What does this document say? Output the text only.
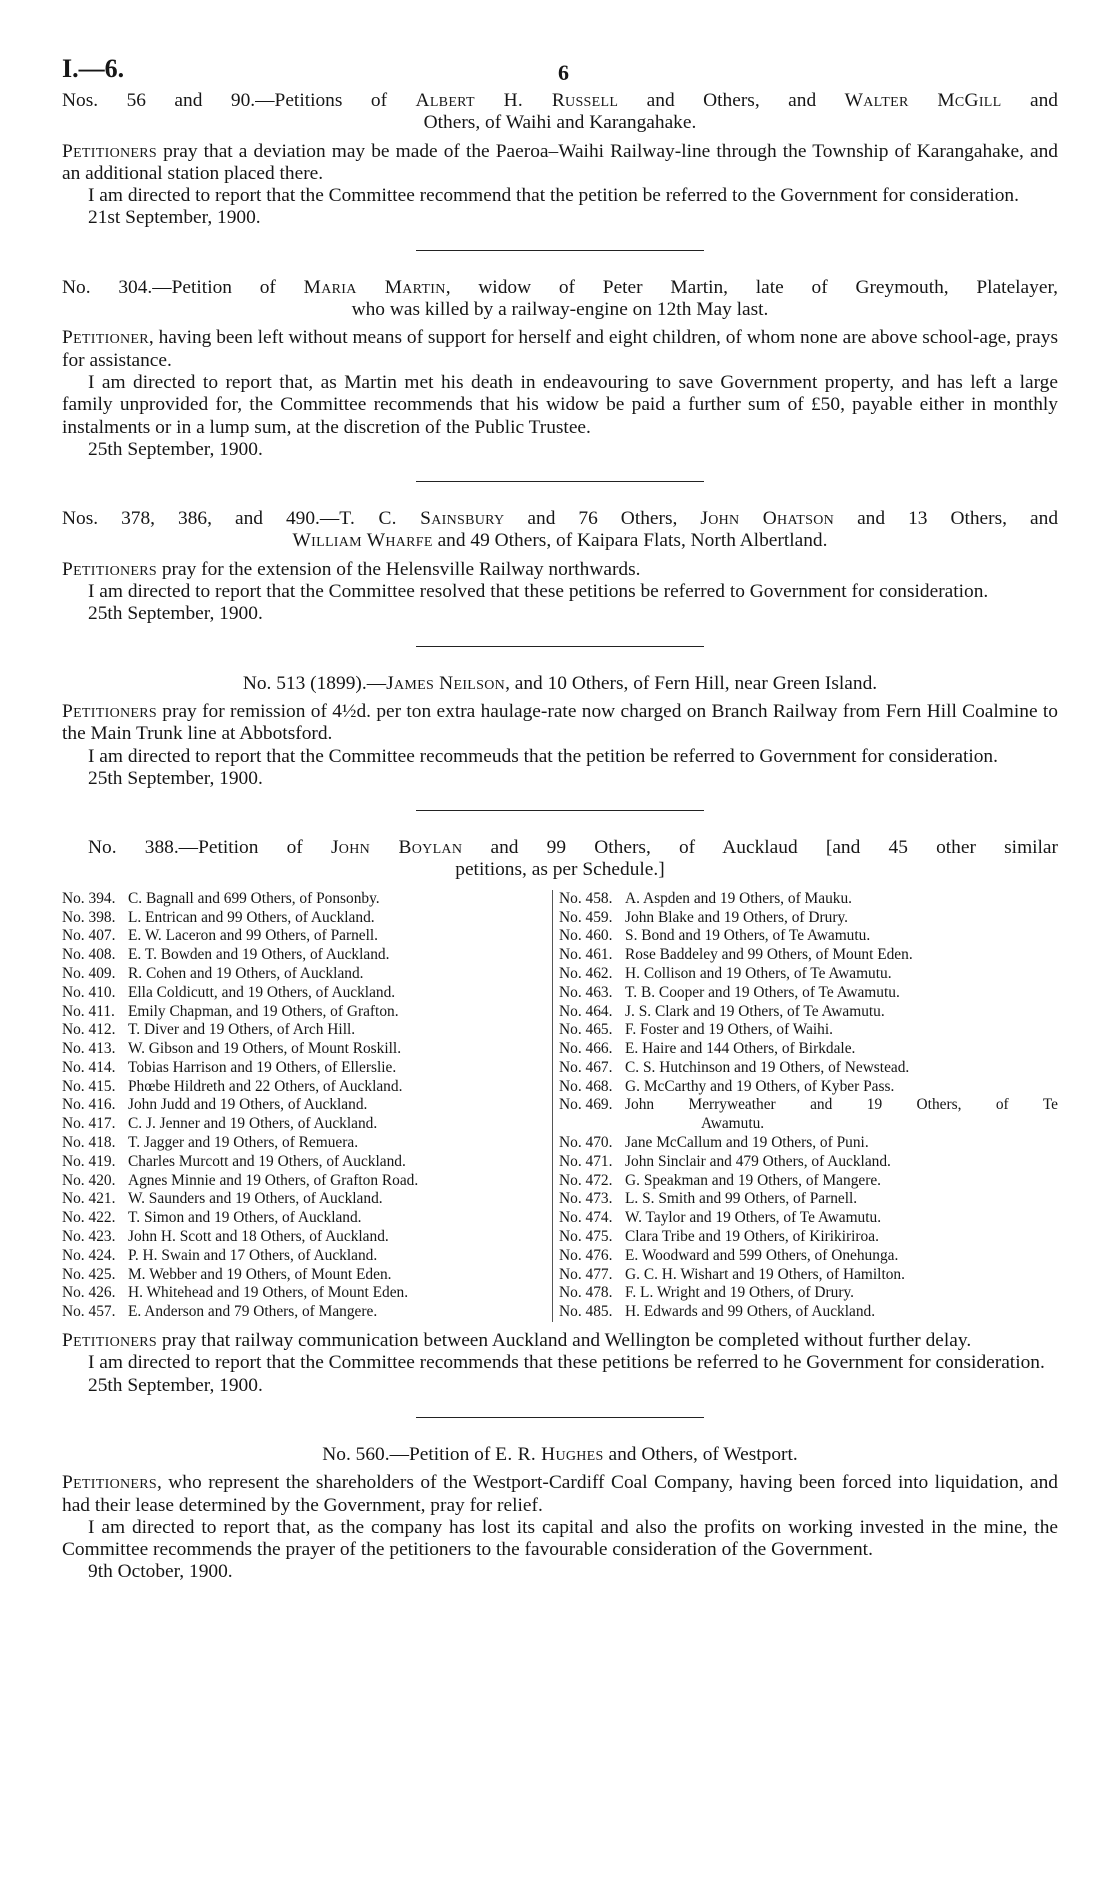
I.—6.	6

Nos. 56 and 90.—Petitions of Albert H. Russell and Others, and Walter McGill and
Others, of Waihi and Karangahake.

Petitioners pray that a deviation may be made of the Paeroa–Waihi Railway-line through the Township of Karangahake, and an additional station placed there.

I am directed to report that the Committee recommend that the petition be referred to the Government for consideration.

21st September, 1900.

No. 304.—Petition of Maria Martin, widow of Peter Martin, late of Greymouth, Platelayer,
who was killed by a railway-engine on 12th May last.

Petitioner, having been left without means of support for herself and eight children, of whom none are above school-age, prays for assistance.

I am directed to report that, as Martin met his death in endeavouring to save Government property, and has left a large family unprovided for, the Committee recommends that his widow be paid a further sum of £50, payable either in monthly instalments or in a lump sum, at the discretion of the Public Trustee.

25th September, 1900.

Nos. 378, 386, and 490.—T. C. Sainsbury and 76 Others, John Ohatson and 13 Others, and
William Wharfe and 49 Others, of Kaipara Flats, North Albertland.

Petitioners pray for the extension of the Helensville Railway northwards.

I am directed to report that the Committee resolved that these petitions be referred to Government for consideration.

25th September, 1900.

No. 513 (1899).—James Neilson, and 10 Others, of Fern Hill, near Green Island.

Petitioners pray for remission of 4½d. per ton extra haulage-rate now charged on Branch Railway from Fern Hill Coalmine to the Main Trunk line at Abbotsford.

I am directed to report that the Committee recommeuds that the petition be referred to Government for consideration.

25th September, 1900.

No. 388.—Petition of John Boylan and 99 Others, of Aucklaud [and 45 other similar
petitions, as per Schedule.]

No. 394. C. Bagnall and 699 Others, of Ponsonby.
No. 398. L. Entrican and 99 Others, of Auckland.
No. 407. E. W. Laceron and 99 Others, of Parnell.
No. 408. E. T. Bowden and 19 Others, of Auckland.
No. 409. R. Cohen and 19 Others, of Auckland.
No. 410. Ella Coldicutt, and 19 Others, of Auckland.
No. 411. Emily Chapman, and 19 Others, of Grafton.
No. 412. T. Diver and 19 Others, of Arch Hill.
No. 413. W. Gibson and 19 Others, of Mount Roskill.
No. 414. Tobias Harrison and 19 Others, of Ellerslie.
No. 415. Phœbe Hildreth and 22 Others, of Auckland.
No. 416. John Judd and 19 Others, of Auckland.
No. 417. C. J. Jenner and 19 Others, of Auckland.
No. 418. T. Jagger and 19 Others, of Remuera.
No. 419. Charles Murcott and 19 Others, of Auckland.
No. 420. Agnes Minnie and 19 Others, of Grafton Road.
No. 421. W. Saunders and 19 Others, of Auckland.
No. 422. T. Simon and 19 Others, of Auckland.
No. 423. John H. Scott and 18 Others, of Auckland.
No. 424. P. H. Swain and 17 Others, of Auckland.
No. 425. M. Webber and 19 Others, of Mount Eden.
No. 426. H. Whitehead and 19 Others, of Mount Eden.
No. 457. E. Anderson and 79 Others, of Mangere.
No. 458. A. Aspden and 19 Others, of Mauku.
No. 459. John Blake and 19 Others, of Drury.
No. 460. S. Bond and 19 Others, of Te Awamutu.
No. 461. Rose Baddeley and 99 Others, of Mount Eden.
No. 462. H. Collison and 19 Others, of Te Awamutu.
No. 463. T. B. Cooper and 19 Others, of Te Awamutu.
No. 464. J. S. Clark and 19 Others, of Te Awamutu.
No. 465. F. Foster and 19 Others, of Waihi.
No. 466. E. Haire and 144 Others, of Birkdale.
No. 467. C. S. Hutchinson and 19 Others, of Newstead.
No. 468. G. McCarthy and 19 Others, of Kyber Pass.
No. 469. John Merryweather and 19 Others, of Te
Awamutu.
No. 470. Jane McCallum and 19 Others, of Puni.
No. 471. John Sinclair and 479 Others, of Auckland.
No. 472. G. Speakman and 19 Others, of Mangere.
No. 473. L. S. Smith and 99 Others, of Parnell.
No. 474. W. Taylor and 19 Others, of Te Awamutu.
No. 475. Clara Tribe and 19 Others, of Kirikiriroa.
No. 476. E. Woodward and 599 Others, of Onehunga.
No. 477. G. C. H. Wishart and 19 Others, of Hamilton.
No. 478. F. L. Wright and 19 Others, of Drury.
No. 485. H. Edwards and 99 Others, of Auckland.

Petitioners pray that railway communication between Auckland and Wellington be completed without further delay.

I am directed to report that the Committee recommends that these petitions be referred to he Government for consideration.

25th September, 1900.

No. 560.—Petition of E. R. Hughes and Others, of Westport.

Petitioners, who represent the shareholders of the Westport-Cardiff Coal Company, having been forced into liquidation, and had their lease determined by the Government, pray for relief.

I am directed to report that, as the company has lost its capital and also the profits on working invested in the mine, the Committee recommends the prayer of the petitioners to the favourable consideration of the Government.

9th October, 1900.
